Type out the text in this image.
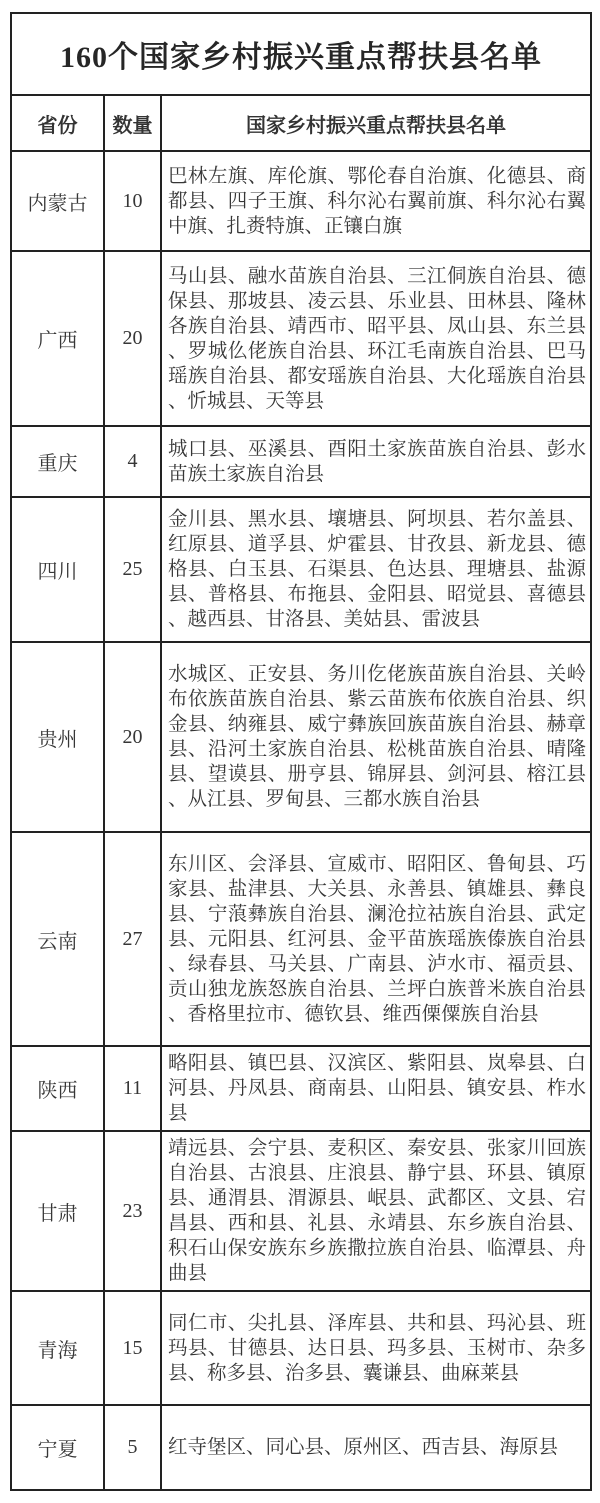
160个国家乡村振兴重点帮扶县名单		
省份	数量	国家乡村振兴重点帮扶县名单
内蒙古	10	巴林左旗、库伦旗、鄂伦春自治旗、化德县、商都县、四子王旗、科尔沁右翼前旗、科尔沁右翼中旗、扎赉特旗、正镶白旗
广西	20	马山县、融水苗族自治县、三江侗族自治县、德保县、那坡县、凌云县、乐业县、田林县、隆林各族自治县、靖西市、昭平县、凤山县、东兰县、罗城仫佬族自治县、环江毛南族自治县、巴马瑶族自治县、都安瑶族自治县、大化瑶族自治县、忻城县、天等县
重庆	4	城口县、巫溪县、酉阳土家族苗族自治县、彭水苗族土家族自治县
四川	25	金川县、黑水县、壤塘县、阿坝县、若尔盖县、红原县、道孚县、炉霍县、甘孜县、新龙县、德格县、白玉县、石渠县、色达县、理塘县、盐源县、普格县、布拖县、金阳县、昭觉县、喜德县、越西县、甘洛县、美姑县、雷波县
贵州	20	水城区、正安县、务川仡佬族苗族自治县、关岭布依族苗族自治县、紫云苗族布依族自治县、织金县、纳雍县、威宁彝族回族苗族自治县、赫章县、沿河土家族自治县、松桃苗族自治县、晴隆县、望谟县、册亨县、锦屏县、剑河县、榕江县、从江县、罗甸县、三都水族自治县
云南	27	东川区、会泽县、宣威市、昭阳区、鲁甸县、巧家县、盐津县、大关县、永善县、镇雄县、彝良县、宁蒗彝族自治县、澜沧拉祜族自治县、武定县、元阳县、红河县、金平苗族瑶族傣族自治县、绿春县、马关县、广南县、泸水市、福贡县、贡山独龙族怒族自治县、兰坪白族普米族自治县、香格里拉市、德钦县、维西傈僳族自治县
陕西	11	略阳县、镇巴县、汉滨区、紫阳县、岚皋县、白河县、丹凤县、商南县、山阳县、镇安县、柞水县
甘肃	23	靖远县、会宁县、麦积区、秦安县、张家川回族自治县、古浪县、庄浪县、静宁县、环县、镇原县、通渭县、渭源县、岷县、武都区、文县、宕昌县、西和县、礼县、永靖县、东乡族自治县、积石山保安族东乡族撒拉族自治县、临潭县、舟曲县
青海	15	同仁市、尖扎县、泽库县、共和县、玛沁县、班玛县、甘德县、达日县、玛多县、玉树市、杂多县、称多县、治多县、囊谦县、曲麻莱县
宁夏	5	红寺堡区、同心县、原州区、西吉县、海原县
